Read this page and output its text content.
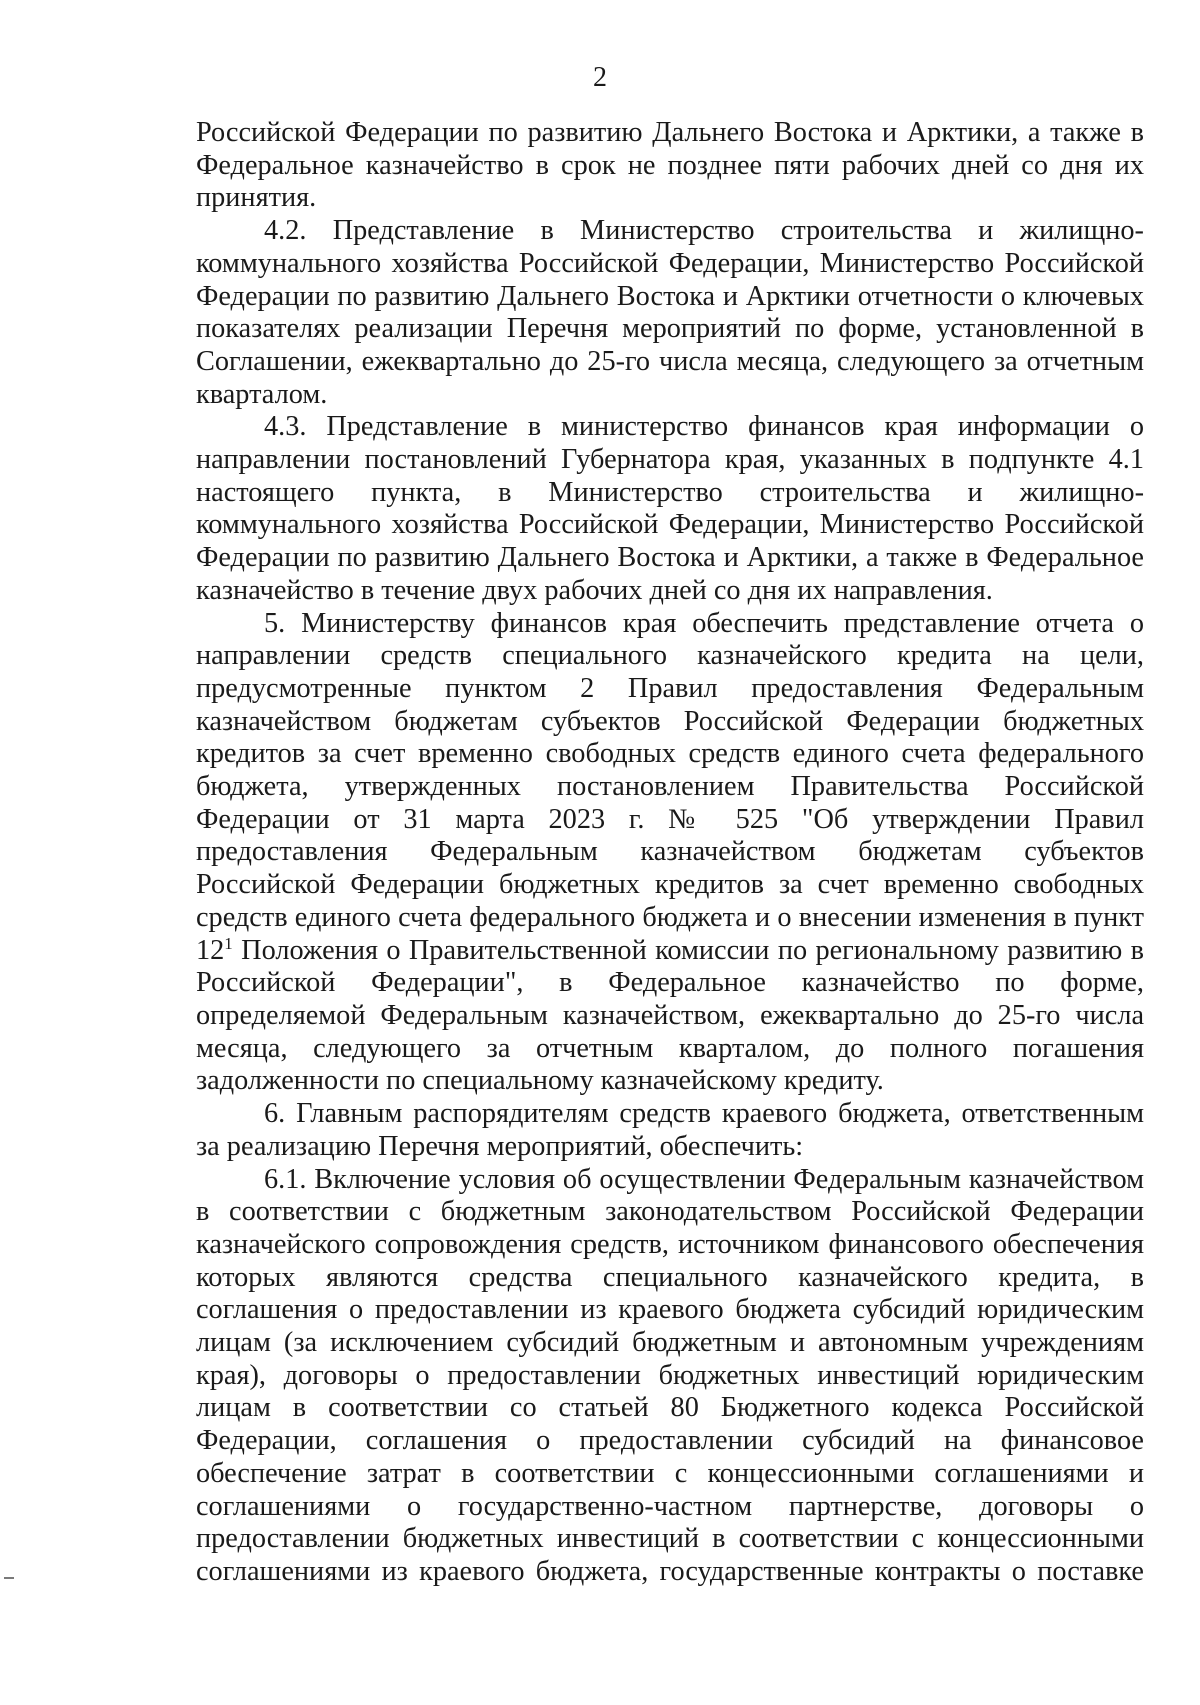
2

Российской Федерации по развитию Дальнего Востока и Арктики, а также в Федеральное казначейство в срок не позднее пяти рабочих дней со дня их принятия.

4.2. Представление в Министерство строительства и жилищно-коммунального хозяйства Российской Федерации, Министерство Российской Федерации по развитию Дальнего Востока и Арктики отчетности о ключевых показателях реализации Перечня мероприятий по форме, установленной в Соглашении, ежеквартально до 25-го числа месяца, следующего за отчетным кварталом.

4.3. Представление в министерство финансов края информации о направлении постановлений Губернатора края, указанных в подпункте 4.1 настоящего пункта, в Министерство строительства и жилищно-коммунального хозяйства Российской Федерации, Министерство Российской Федерации по развитию Дальнего Востока и Арктики, а также в Федеральное казначейство в течение двух рабочих дней со дня их направления.

5. Министерству финансов края обеспечить представление отчета о направлении средств специального казначейского кредита на цели, предусмотренные пунктом 2 Правил предоставления Федеральным казначейством бюджетам субъектов Российской Федерации бюджетных кредитов за счет временно свободных средств единого счета федерального бюджета, утвержденных постановлением Правительства Российской Федерации от 31 марта 2023 г. № 525 "Об утверждении Правил предоставления Федеральным казначейством бюджетам субъектов Российской Федерации бюджетных кредитов за счет временно свободных средств единого счета федерального бюджета и о внесении изменения в пункт $12^1$ Положения о Правительственной комиссии по региональному развитию в Российской Федерации", в Федеральное казначейство по форме, определяемой Федеральным казначейством, ежеквартально до 25-го числа месяца, следующего за отчетным кварталом, до полного погашения задолженности по специальному казначейскому кредиту.

6. Главным распорядителям средств краевого бюджета, ответственным за реализацию Перечня мероприятий, обеспечить:

6.1. Включение условия об осуществлении Федеральным казначейством в соответствии с бюджетным законодательством Российской Федерации казначейского сопровождения средств, источником финансового обеспечения которых являются средства специального казначейского кредита, в соглашения о предоставлении из краевого бюджета субсидий юридическим лицам (за исключением субсидий бюджетным и автономным учреждениям края), договоры о предоставлении бюджетных инвестиций юридическим лицам в соответствии со статьей 80 Бюджетного кодекса Российской Федерации, соглашения о предоставлении субсидий на финансовое обеспечение затрат в соответствии с концессионными соглашениями и соглашениями о государственно-частном партнерстве, договоры о предоставлении бюджетных инвестиций в соответствии с концессионными соглашениями из краевого бюджета, государственные контракты о поставке
